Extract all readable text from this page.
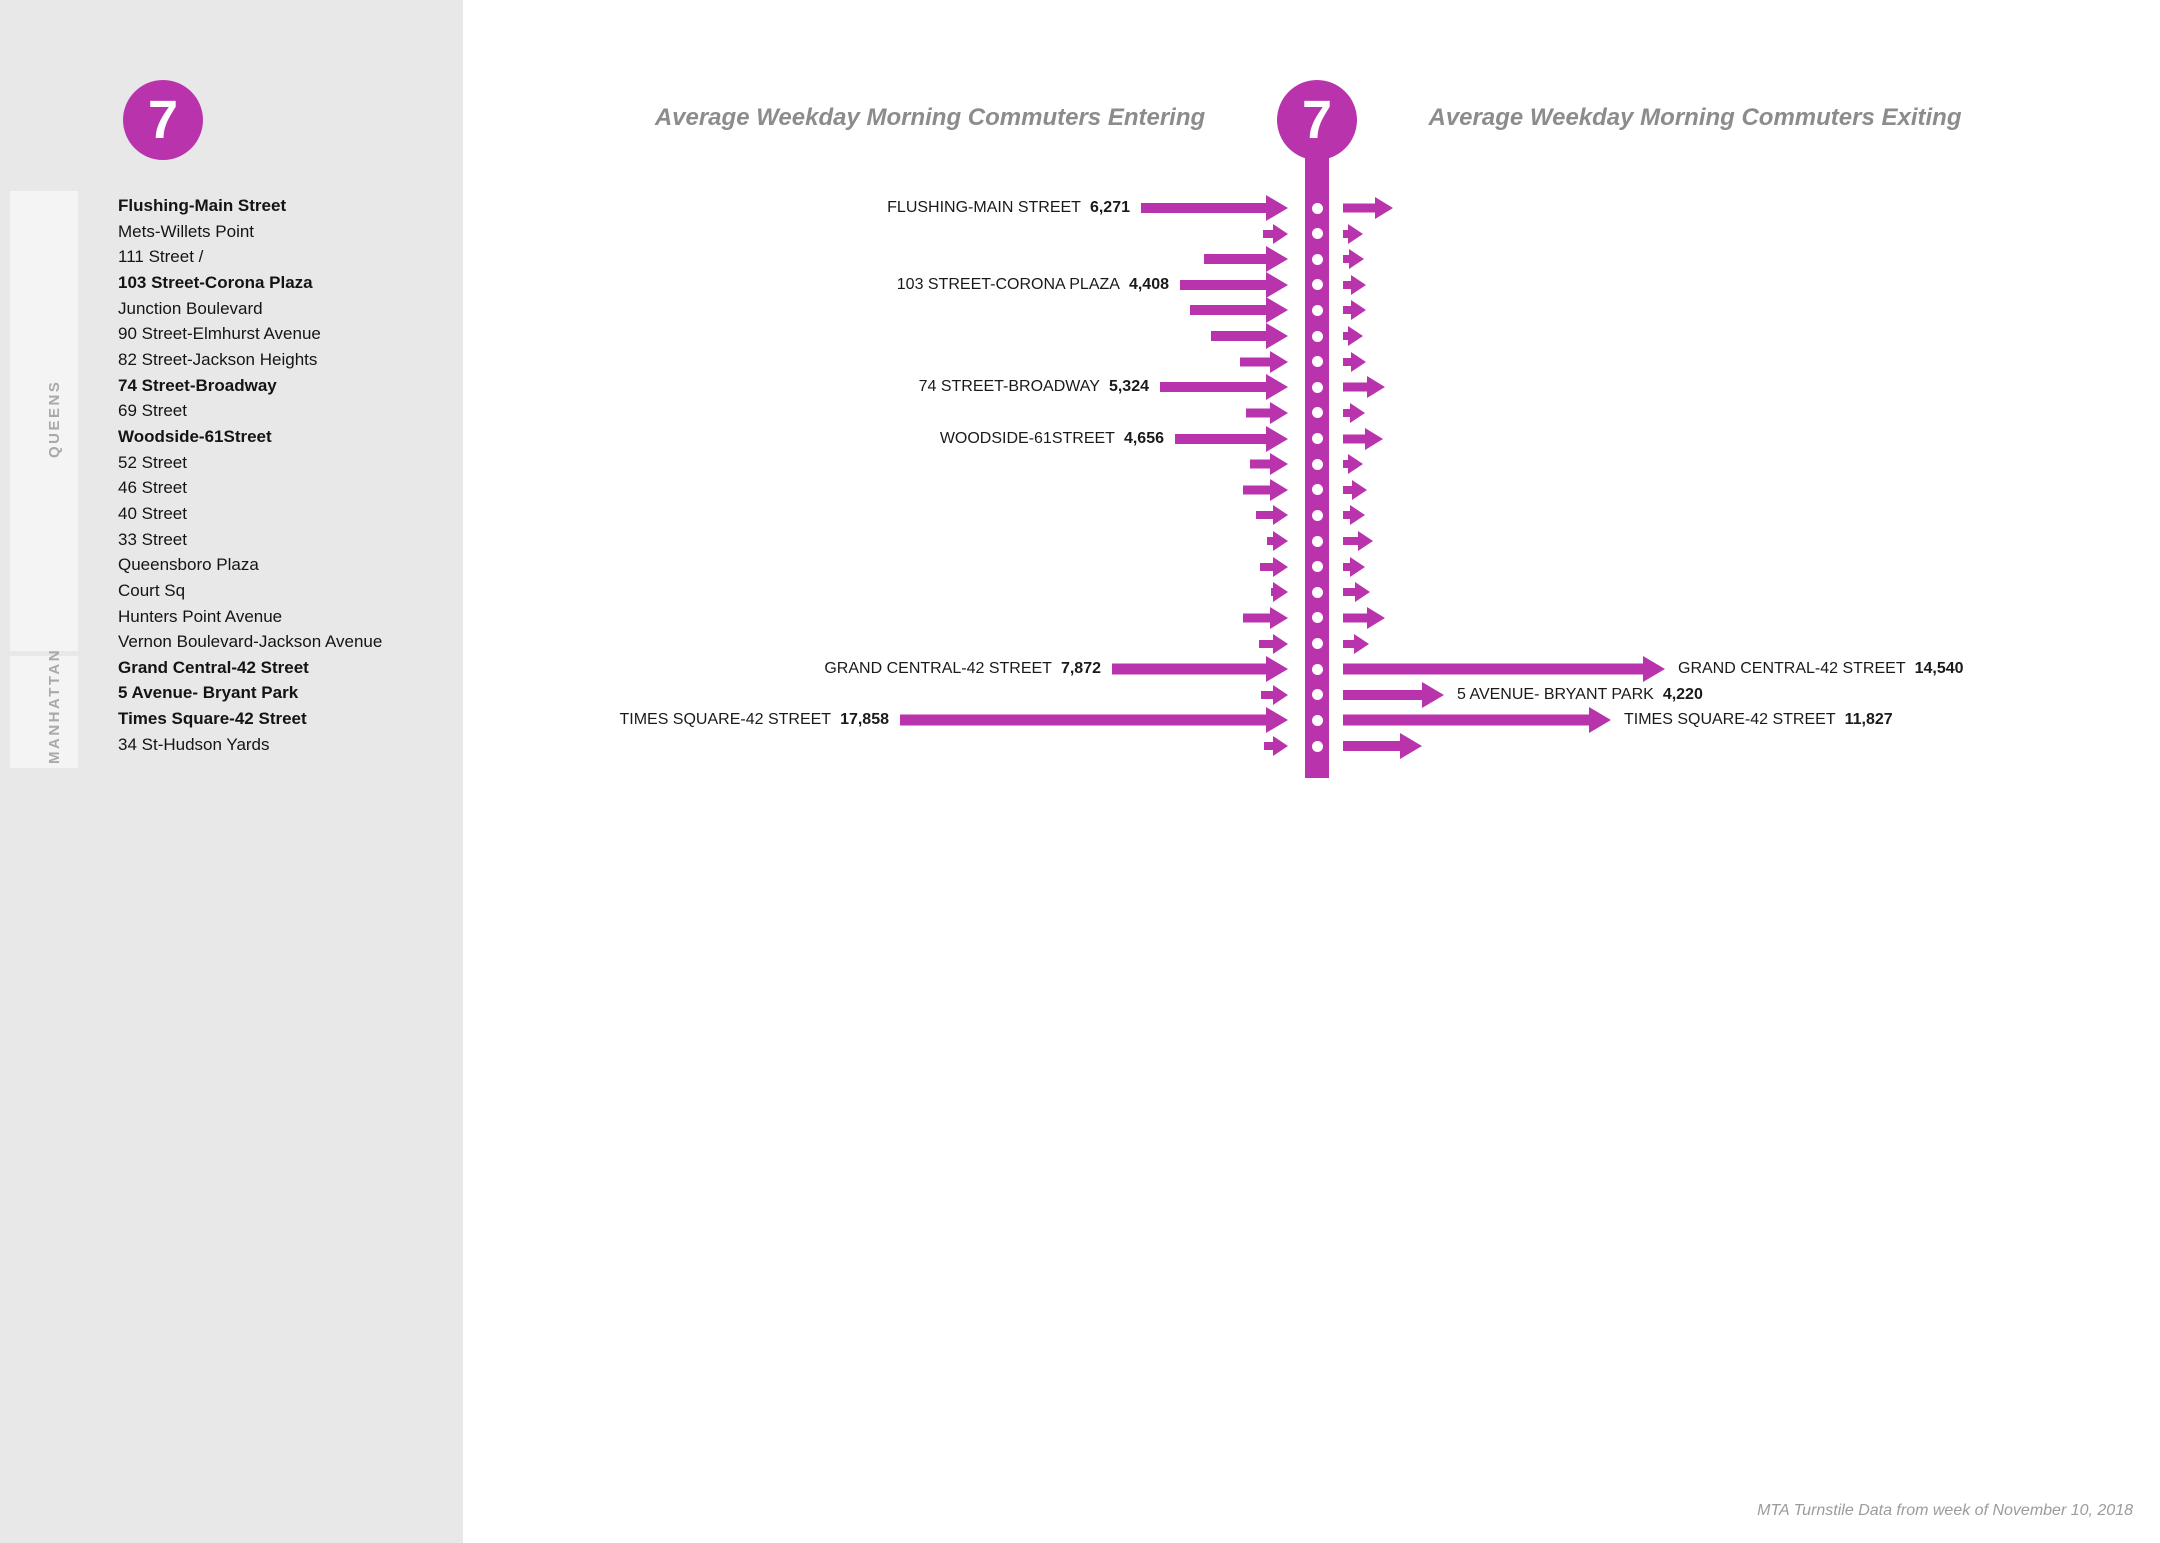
QUEENS
MANHATTAN
7
Flushing-Main Street
Mets-Willets Point
111 Street /
103 Street-Corona Plaza
Junction Boulevard
90 Street-Elmhurst Avenue
82 Street-Jackson Heights
74 Street-Broadway
69 Street
Woodside-61Street
52 Street
46 Street
40 Street
33 Street
Queensboro Plaza
Court Sq
Hunters Point Avenue
Vernon Boulevard-Jackson Avenue
Grand Central-42 Street
5 Avenue- Bryant Park
Times Square-42 Street
34 St-Hudson Yards
Average Weekday Morning Commuters Entering	Average Weekday Morning Commuters Exiting
7
FLUSHING-MAIN STREET 6,271
103 STREET-CORONA PLAZA 4,408
74 STREET-BROADWAY 5,324
WOODSIDE-61STREET 4,656
GRAND CENTRAL-42 STREET 7,872	GRAND CENTRAL-42 STREET 14,540
5 AVENUE- BRYANT PARK 4,220
TIMES SQUARE-42 STREET 17,858	TIMES SQUARE-42 STREET 11,827
MTA Turnstile Data from week of November 10, 2018
